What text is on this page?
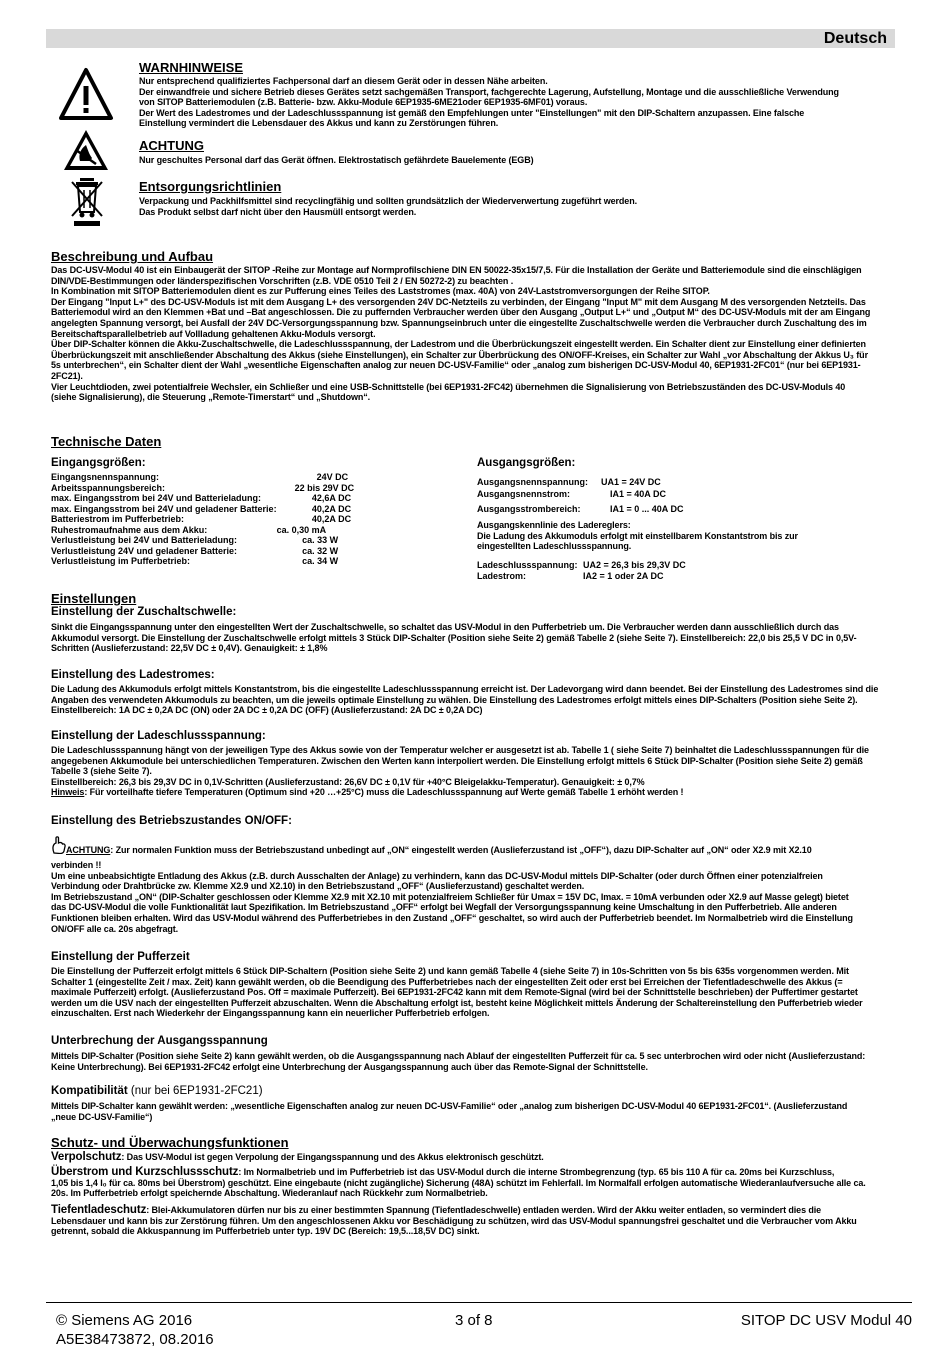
Deutsch
WARNHINWEISE
Nur entsprechend qualifiziertes Fachpersonal darf an diesem Gerät oder in dessen Nähe arbeiten.
Der einwandfreie und sichere Betrieb dieses Gerätes setzt sachgemäßen Transport, fachgerechte Lagerung, Aufstellung, Montage und die ausschließliche Verwendung
von SITOP Batteriemodulen (z.B. Batterie- bzw. Akku-Module 6EP1935-6ME21oder 6EP1935-6MF01) voraus.
Der Wert des Ladestromes und der Ladeschlussspannung ist gemäß den Empfehlungen unter "Einstellungen" mit den DIP-Schaltern anzupassen. Eine falsche
Einstellung vermindert die Lebensdauer des Akkus und kann zu Zerstörungen führen.
ACHTUNG
Nur geschultes Personal darf das Gerät öffnen. Elektrostatisch gefährdete Bauelemente (EGB)
Entsorgungsrichtlinien
Verpackung und Packhilfsmittel sind recyclingfähig und sollten grundsätzlich der Wiederverwertung zugeführt werden.
Das Produkt selbst darf nicht über den Hausmüll entsorgt werden.
Beschreibung und Aufbau
Das DC-USV-Modul 40 ist ein Einbaugerät der SITOP -Reihe zur Montage auf Normprofilschiene DIN EN 50022-35x15/7,5. Für die Installation der Geräte und Batteriemodule sind die einschlägigen
DIN/VDE-Bestimmungen oder länderspezifischen Vorschriften (z.B. VDE 0510 Teil 2 / EN 50272-2) zu beachten .
In Kombination mit SITOP Batteriemodulen dient es zur Pufferung eines Teiles des Laststromes (max. 40A) von 24V-Laststromversorgungen der Reihe SITOP.
Der Eingang "Input L+" des DC-USV-Moduls ist mit dem Ausgang L+ des versorgenden 24V DC-Netzteils zu verbinden, der Eingang "Input M" mit dem Ausgang M des versorgenden Netzteils. Das
Batteriemodul wird an den Klemmen +Bat und –Bat angeschlossen. Die zu puffernden Verbraucher werden über den Ausgang „Output L+“ und „Output M“ des DC-USV-Moduls mit der am Eingang
angelegten Spannung versorgt, bei Ausfall der 24V DC-Versorgungsspannung bzw. Spannungseinbruch unter die eingestellte Zuschaltschwelle werden die Verbraucher durch Zuschaltung des im
Bereitschaftsparallelbetrieb auf Vollladung gehaltenen Akku-Moduls versorgt.
Über DIP-Schalter können die Akku-Zuschaltschwelle, die Ladeschlussspannung, der Ladestrom und die Überbrückungszeit eingestellt werden. Ein Schalter dient zur Einstellung einer definierten
Überbrückungszeit mit anschließender Abschaltung des Akkus (siehe Einstellungen), ein Schalter zur Überbrückung des ON/OFF-Kreises, ein Schalter zur Wahl „vor Abschaltung der Akkus U₃ für
5s unterbrechen“, ein Schalter dient der Wahl „wesentliche Eigenschaften analog zur neuen DC-USV-Familie“ oder „analog zum bisherigen DC-USV-Modul 40, 6EP1931-2FC01“ (nur bei 6EP1931-
2FC21).
Vier Leuchtdioden, zwei potentialfreie Wechsler, ein Schließer und eine USB-Schnittstelle (bei 6EP1931-2FC42) übernehmen die Signalisierung von Betriebszuständen des DC-USV-Moduls 40
(siehe Signalisierung), die Steuerung „Remote-Timerstart“ und „Shutdown“.
Technische Daten
Eingangsgrößen:
Eingangsnennspannung:	24V DC
Arbeitsspannungsbereich:	22 bis 29V DC
max. Eingangsstrom bei 24V und Batterieladung:	42,6A DC
max. Eingangsstrom bei 24V und geladener Batterie:	40,2A DC
Batteriestrom im Pufferbetrieb:	40,2A DC
Ruhestromaufnahme aus dem Akku:	ca. 0,30 mA
Verlustleistung bei 24V und Batterieladung:	ca. 33 W
Verlustleistung 24V und geladener Batterie:	ca. 32 W
Verlustleistung im Pufferbetrieb:	ca. 34 W
Ausgangsgrößen:
Ausgangsnennspannung:	UA1 = 24V DC
Ausgangsnennstrom:	IA1 = 40A DC
Ausgangsstrombereich:	IA1 = 0 ... 40A DC
Ausgangskennlinie des Ladereglers:
Die Ladung des Akkumoduls erfolgt mit einstellbarem Konstantstrom bis zur
eingestellten Ladeschlussspannung.
Ladeschlussspannung:	UA2 = 26,3 bis 29,3V DC
Ladestrom:	IA2 = 1 oder 2A DC
Einstellungen
Einstellung der Zuschaltschwelle:
Sinkt die Eingangsspannung unter den eingestellten Wert der Zuschaltschwelle, so schaltet das USV-Modul in den Pufferbetrieb um. Die Verbraucher werden dann ausschließlich durch das
Akkumodul versorgt. Die Einstellung der Zuschaltschwelle erfolgt mittels 3 Stück DIP-Schalter (Position siehe Seite 2) gemäß Tabelle 2 (siehe Seite 7). Einstellbereich: 22,0 bis 25,5 V DC in 0,5V-
Schritten (Auslieferzustand: 22,5V DC ± 0,4V). Genauigkeit: ± 1,8%
Einstellung des Ladestromes:
Die Ladung des Akkumoduls erfolgt mittels Konstantstrom, bis die eingestellte Ladeschlussspannung erreicht ist. Der Ladevorgang wird dann beendet. Bei der Einstellung des Ladestromes sind die
Angaben des verwendeten Akkumoduls zu beachten, um die jeweils optimale Einstellung zu wählen. Die Einstellung des Ladestromes erfolgt mittels eines DIP-Schalters (Position siehe Seite 2).
Einstellbereich: 1A DC ± 0,2A DC (ON) oder 2A DC ± 0,2A DC (OFF) (Auslieferzustand: 2A DC ± 0,2A DC)
Einstellung der Ladeschlussspannung:
Die Ladeschlussspannung hängt von der jeweiligen Type des Akkus sowie von der Temperatur welcher er ausgesetzt ist ab. Tabelle 1 ( siehe Seite 7) beinhaltet die Ladeschlussspannungen für die
angegebenen Akkumodule bei unterschiedlichen Temperaturen. Zwischen den Werten kann interpoliert werden. Die Einstellung erfolgt mittels 6 Stück DIP-Schalter (Position siehe Seite 2) gemäß
Tabelle 3 (siehe Seite 7).
Einstellbereich: 26,3 bis 29,3V DC in 0,1V-Schritten (Auslieferzustand: 26,6V DC ± 0,1V für +40°C Bleigelakku-Temperatur). Genauigkeit: ± 0,7%
Hinweis: Für vorteilhafte tiefere Temperaturen (Optimum sind +20 …+25°C) muss die Ladeschlussspannung auf Werte gemäß Tabelle 1 erhöht werden !
Einstellung des Betriebszustandes ON/OFF:
ACHTUNG: Zur normalen Funktion muss der Betriebszustand unbedingt auf „ON“ eingestellt werden (Auslieferzustand ist „OFF“), dazu DIP-Schalter auf „ON“ oder X2.9 mit X2.10
verbinden !!
Um eine unbeabsichtigte Entladung des Akkus (z.B. durch Ausschalten der Anlage) zu verhindern, kann das DC-USV-Modul mittels DIP-Schalter (oder durch Öffnen einer potenzialfreien
Verbindung oder Drahtbrücke zw. Klemme X2.9 und X2.10) in den Betriebszustand „OFF“ (Auslieferzustand) geschaltet werden.
Im Betriebszustand „ON“ (DIP-Schalter geschlossen oder Klemme X2.9 mit X2.10 mit potenzialfreiem Schließer für Umax = 15V DC, Imax. = 10mA verbunden oder X2.9 auf Masse gelegt) bietet
das DC-USV-Modul die volle Funktionalität laut Spezifikation. Im Betriebszustand „OFF“ erfolgt bei Wegfall der Versorgungsspannung keine Umschaltung in den Pufferbetrieb. Alle anderen
Funktionen bleiben erhalten. Wird das USV-Modul während des Pufferbetriebes in den Zustand „OFF“ geschaltet, so wird auch der Pufferbetrieb beendet. Im Normalbetrieb wird die Einstellung
ON/OFF alle ca. 20s abgefragt.
Einstellung der Pufferzeit
Die Einstellung der Pufferzeit erfolgt mittels 6 Stück DIP-Schaltern (Position siehe Seite 2) und kann gemäß Tabelle 4 (siehe Seite 7) in 10s-Schritten von 5s bis 635s vorgenommen werden. Mit
Schalter 1 (eingestellte Zeit / max. Zeit) kann gewählt werden, ob die Beendigung des Pufferbetriebes nach der eingestellten Zeit oder erst bei Erreichen der Tiefentladeschwelle des Akkus (=
maximale Pufferzeit) erfolgt. (Auslieferzustand Pos. Off = maximale Pufferzeit). Bei 6EP1931-2FC42 kann mit dem Remote-Signal (wird bei der Schnittstelle beschrieben) der Puffertimer gestartet
werden um die USV nach der eingestellten Pufferzeit abzuschalten. Wenn die Abschaltung erfolgt ist, besteht keine Möglichkeit mittels Änderung der Schaltereinstellung den Pufferbetrieb wieder
einzuschalten. Erst nach Wiederkehr der Eingangsspannung kann ein neuerlicher Pufferbetrieb erfolgen.
Unterbrechung der Ausgangsspannung
Mittels DIP-Schalter (Position siehe Seite 2) kann gewählt werden, ob die Ausgangsspannung nach Ablauf der eingestellten Pufferzeit für ca. 5 sec unterbrochen wird oder nicht (Auslieferzustand:
Keine Unterbrechung). Bei 6EP1931-2FC42 erfolgt eine Unterbrechung der Ausgangsspannung auch über das Remote-Signal der Schnittstelle.
Kompatibilität (nur bei 6EP1931-2FC21)
Mittels DIP-Schalter kann gewählt werden: „wesentliche Eigenschaften analog zur neuen DC-USV-Familie“ oder „analog zum bisherigen DC-USV-Modul 40 6EP1931-2FC01“. (Auslieferzustand
„neue DC-USV-Familie“)
Schutz- und Überwachungsfunktionen
Verpolschutz: Das USV-Modul ist gegen Verpolung der Eingangsspannung und des Akkus elektronisch geschützt.
Überstrom und Kurzschlussschutz: Im Normalbetrieb und im Pufferbetrieb ist das USV-Modul durch die interne Strombegrenzung (typ. 65 bis 110 A für ca. 20ms bei Kurzschluss,
1,05 bis 1,4 I₀ für ca. 80ms bei Überstrom) geschützt. Eine eingebaute (nicht zugängliche) Sicherung (48A) schützt im Fehlerfall. Im Normalfall erfolgen automatische Wiederanlaufversuche alle ca.
20s. Im Pufferbetrieb erfolgt speichernde Abschaltung. Wiederanlauf nach Rückkehr zum Normalbetrieb.
Tiefentladeschutz: Blei-Akkumulatoren dürfen nur bis zu einer bestimmten Spannung (Tiefentladeschwelle) entladen werden. Wird der Akku weiter entladen, so vermindert dies die
Lebensdauer und kann bis zur Zerstörung führen. Um den angeschlossenen Akku vor Beschädigung zu schützen, wird das USV-Modul spannungsfrei geschaltet und die Verbraucher vom Akku
getrennt, sobald die Akkuspannung im Pufferbetrieb unter typ. 19V DC (Bereich: 19,5...18,5V DC) sinkt.
© Siemens AG 2016
A5E38473872, 08.2016
3 of 8	SITOP DC USV Modul 40
